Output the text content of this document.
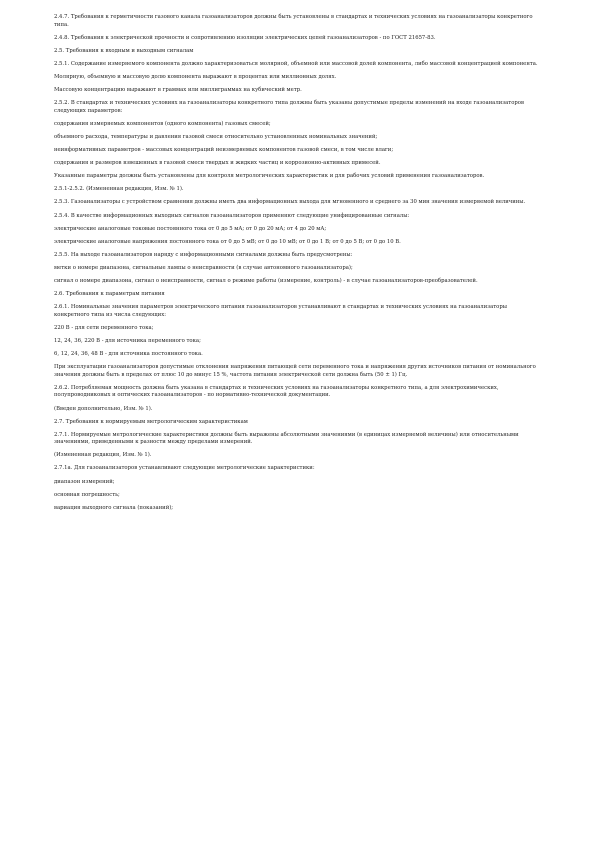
2.4.7. Требования к герметичности газового канала газоанализаторов должны быть установлены в стандартах и технических условиях на газоанализаторы конкретного типа.

2.4.8. Требования к электрической прочности и сопротивлению изоляции электрических цепей газоанализаторов - по ГОСТ 21657-83.

2.5. Требования к входным и выходным сигналам

2.5.1. Содержание измеряемого компонента должно характеризоваться молярной, объемной или массовой долей компонента, либо массовой концентрацией компонента.

Молярную, объемную и массовую долю компонента выражают в процентах или миллионных долях.

Массовую концентрацию выражают в граммах или миллиграммах на кубический метр.

2.5.2. В стандартах и технических условиях на газоанализаторы конкретного типа должны быть указаны допустимые пределы изменений на входе газоанализаторов следующих параметров:

содержания измеряемых компонентов (одного компонента) газовых смесей;

объемного расхода, температуры и давления газовой смеси относительно установленных номинальных значений;

неинформативных параметров - массовых концентраций неизмеряемых компонентов газовой смеси, в том числе влаги;

содержания и размеров взвешенных в газовой смеси твердых и жидких частиц и коррозионно-активных примесей.

Указанные параметры должны быть установлены для контроля метрологических характеристик и для рабочих условий применения газоанализаторов.

2.5.1-2.5.2. (Измененная редакция, Изм. № 1).

2.5.3. Газоанализаторы с устройством сравнения должны иметь два информационных выхода для мгновенного и среднего за 30 мин значения измеряемой величины.

2.5.4. В качестве информационных выходных сигналов газоанализаторов применяют следующие унифицированные сигналы:

электрические аналоговые токовые постоянного тока от 0 до 5 мА; от 0 до 20 мА; от 4 до 20 мА;

электрические аналоговые напряжения постоянного тока от 0 до 5 мВ; от 0 до 10 мВ; от 0 до 1 В; от 0 до 5 В; от 0 до 10 В.

2.5.5. На выходе газоанализаторов наряду с информационными сигналами должны быть предусмотрены:

метки о номере диапазона, сигнальные лампы о неисправности (в случае автономного газоанализатора);

сигнал о номере диапазона, сигнал о неисправности, сигнал о режиме работы (измерение, контроль) - в случае газоанализаторов-преобразователей.

2.6. Требования к параметрам питания

2.6.1. Номинальные значения параметров электрического питания газоанализаторов устанавливают в стандартах и технических условиях на газоанализаторы конкретного типа из числа следующих:

220 В - для сети переменного тока;

12, 24, 36, 220 В - для источника переменного тока;

6, 12, 24, 36, 48 В - для источника постоянного тока.

При эксплуатации газоанализаторов допустимые отклонения напряжения питающей сети переменного тока и напряжения других источников питания от номинального значения должны быть в пределах от плюс 10 до минус 15 %, частота питания электрической сети должна быть (50 ± 1) Гц.

2.6.2. Потребляемая мощность должна быть указана в стандартах и технических условиях на газоанализаторы конкретного типа, а для электрохимических, полупроводниковых и оптических газоанализаторов - по нормативно-технической документации.

(Введен дополнительно, Изм. № 1).

2.7. Требования к нормируемым метрологическим характеристикам

2.7.1. Нормируемые метрологические характеристики должны быть выражены абсолютными значениями (в единицах измеряемой величины) или относительными значениями, приведенными к разности между пределами измерений.

(Измененная редакция, Изм. № 1).

2.7.1а. Для газоанализаторов устанавливают следующие метрологические характеристики:

диапазон измерений;

основная погрешность;

вариация выходного сигнала (показаний);
